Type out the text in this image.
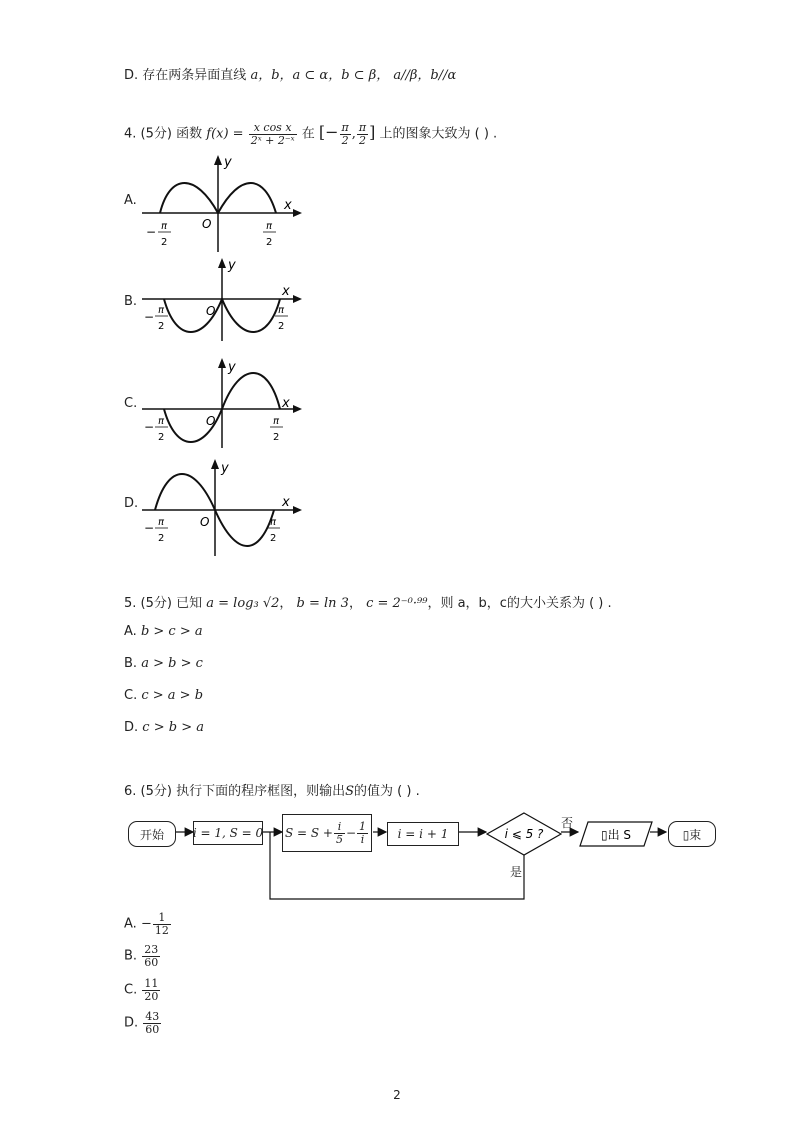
D. 存在两条异面直线 a，b，a ⊂ α，b ⊂ β， a//β，b//α
4. (5分) 函数 $f(x) = \frac{\text{x cos x}}{\text{2ˣ + 2⁻ˣ}}$ 在 [− $\frac{\pi}{2}$ , $\frac{\pi}{2}$ ] 上的图象大致为 ( ) .
A.
B.
C.
D.
y
x
O
− π
2
π
2
y
x
O
− π
2
π
2
y
x
O
− π
2
π
2
y
x
O
− π
2
π
2
5. (5分) 已知 a = log₃ √2， b = ln 3， c = 2⁻⁰·⁹⁹，则 a，b，c的大小关系为 ( ) .
A. b > c > a
B. a > b > c
C. c > a > b
D. c > b > a
6. (5分) 执行下面的程序框图，则输出S的值为 ( ) .
开始	i = 1, S = 0 $S = S + \frac{i}{5} - \frac{1}{i}$	i = i + 1	i ⩽ 5 ?
否
是
▯出 S	▯束
A. − $\frac{1}{12}$
B. $\frac{23}{60}$
C. $\frac{11}{20}$
D. $\frac{43}{60}$
2
